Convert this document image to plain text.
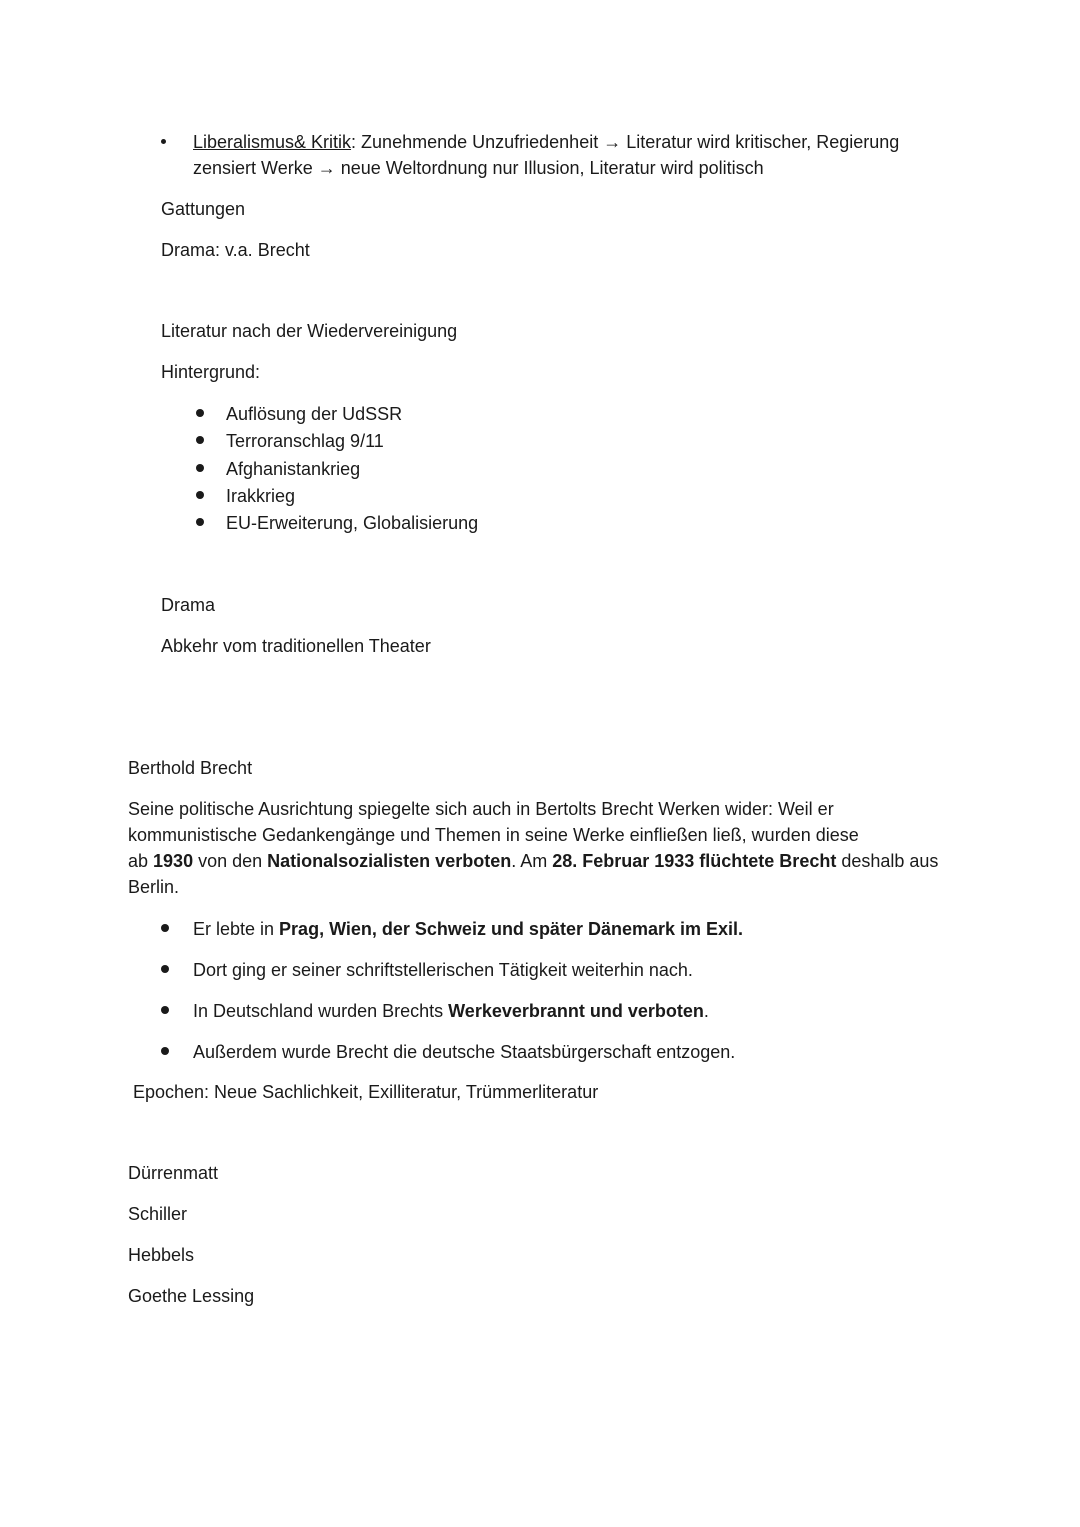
Liberalismus& Kritik: Zunehmende Unzufriedenheit → Literatur wird kritischer, Regierung
zensiert Werke → neue Weltordnung nur Illusion, Literatur wird politisch
Gattungen
Drama: v.a. Brecht
Literatur nach der Wiedervereinigung
Hintergrund:
Auflösung der UdSSR
Terroranschlag 9/11
Afghanistankrieg
Irakkrieg
EU-Erweiterung, Globalisierung
Drama
Abkehr vom traditionellen Theater
Berthold Brecht
Seine politische Ausrichtung spiegelte sich auch in Bertolts Brecht Werken wider: Weil er
kommunistische Gedankengänge und Themen in seine Werke einfließen ließ, wurden diese
ab 1930 von den Nationalsozialisten verboten. Am 28. Februar 1933 flüchtete Brecht deshalb aus
Berlin.
Er lebte in Prag, Wien, der Schweiz und später Dänemark im Exil.
Dort ging er seiner schriftstellerischen Tätigkeit weiterhin nach.
In Deutschland wurden Brechts Werkeverbrannt und verboten.
Außerdem wurde Brecht die deutsche Staatsbürgerschaft entzogen.
Epochen: Neue Sachlichkeit, Exilliteratur, Trümmerliteratur
Dürrenmatt
Schiller
Hebbels
Goethe Lessing
